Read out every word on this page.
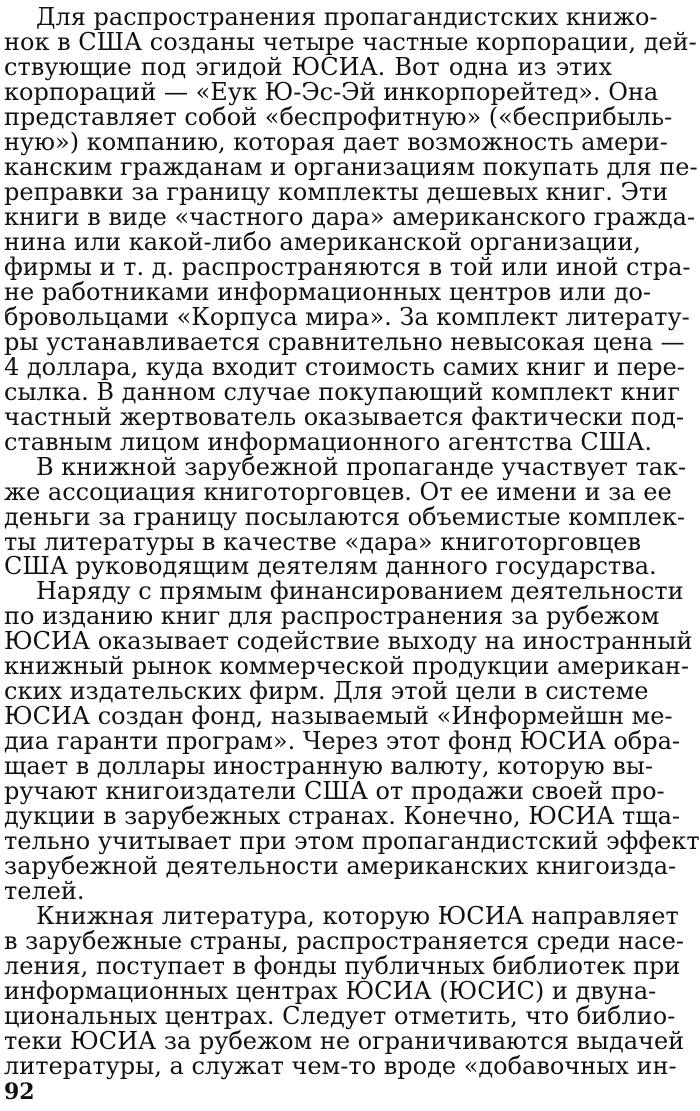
Для распространения пропагандистских книжо-
нок в США созданы четыре частные корпорации, дей-
ствующие под эгидой ЮСИА. Вот одна из этих
корпораций — «Еук Ю-Эс-Эй инкорпорейтед». Она
представляет собой «беспрофитную» («бесприбыль-
ную») компанию, которая дает возможность амери-
канским гражданам и организациям покупать для пе-
реправки за границу комплекты дешевых книг. Эти
книги в виде «частного дара» американского гражда-
нина или какой-либо американской организации,
фирмы и т. д. распространяются в той или иной стра-
не работниками информационных центров или до-
бровольцами «Корпуса мира». За комплект литерату-
ры устанавливается сравнительно невысокая цена —
4 доллара, куда входит стоимость самих книг и пере-
сылка. В данном случае покупающий комплект книг
частный жертвователь оказывается фактически под-
ставным лицом информационного агентства США.
В книжной зарубежной пропаганде участвует так-
же ассоциация книготорговцев. От ее имени и за ее
деньги за границу посылаются объемистые комплек-
ты литературы в качестве «дара» книготорговцев
США руководящим деятелям данного государства.
Наряду с прямым финансированием деятельности
по изданию книг для распространения за рубежом
ЮСИА оказывает содействие выходу на иностранный
книжный рынок коммерческой продукции американ-
ских издательских фирм. Для этой цели в системе
ЮСИА создан фонд, называемый «Информейшн ме-
диа гаранти програм». Через этот фонд ЮСИА обра-
щает в доллары иностранную валюту, которую вы-
ручают книгоиздатели США от продажи своей про-
дукции в зарубежных странах. Конечно, ЮСИА тща-
тельно учитывает при этом пропагандистский эффект
зарубежной деятельности американских книгоизда-
телей.
Книжная литература, которую ЮСИА направляет
в зарубежные страны, распространяется среди насе-
ления, поступает в фонды публичных библиотек при
информационных центрах ЮСИА (ЮСИС) и двуна-
циональных центрах. Следует отметить, что библио-
92
теки ЮСИА за рубежом не ограничиваются выдачей
литературы, а служат чем-то вроде «добавочных ин-
